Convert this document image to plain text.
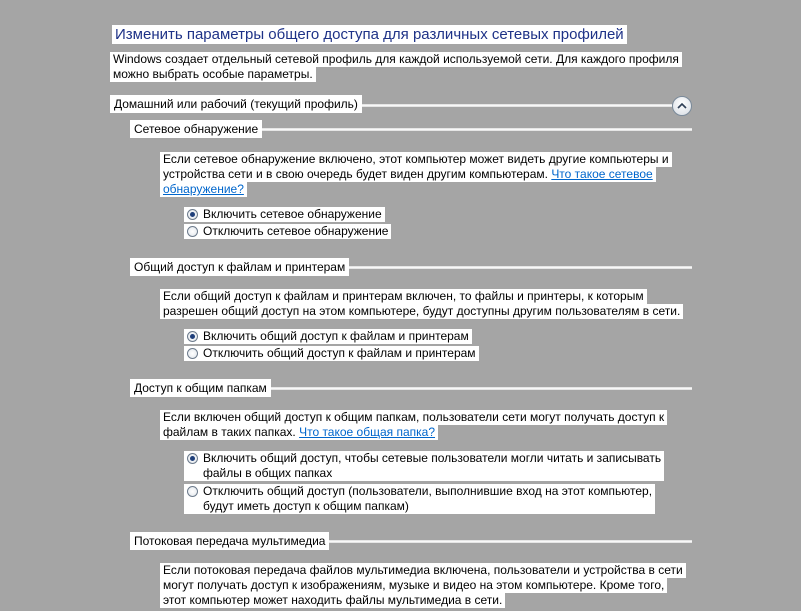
Изменить параметры общего доступа для различных сетевых профилей
Windows создает отдельный сетевой профиль для каждой используемой сети. Для каждого профиля
можно выбрать особые параметры.
Домашний или рабочий (текущий профиль)
Сетевое обнаружение
Если сетевое обнаружение включено, этот компьютер может видеть другие компьютеры и
устройства сети и в свою очередь будет виден другим компьютерам. Что такое сетевое
обнаружение?
Включить сетевое обнаружение
Отключить сетевое обнаружение
Общий доступ к файлам и принтерам
Если общий доступ к файлам и принтерам включен, то файлы и принтеры, к которым
разрешен общий доступ на этом компьютере, будут доступны другим пользователям в сети.
Включить общий доступ к файлам и принтерам
Отключить общий доступ к файлам и принтерам
Доступ к общим папкам
Если включен общий доступ к общим папкам, пользователи сети могут получать доступ к
файлам в таких папках. Что такое общая папка?
Включить общий доступ, чтобы сетевые пользователи могли читать и записывать
файлы в общих папках
Отключить общий доступ (пользователи, выполнившие вход на этот компьютер,
будут иметь доступ к общим папкам)
Потоковая передача мультимедиа
Если потоковая передача файлов мультимедиа включена, пользователи и устройства в сети
могут получать доступ к изображениям, музыке и видео на этом компьютере. Кроме того,
этот компьютер может находить файлы мультимедиа в сети.
